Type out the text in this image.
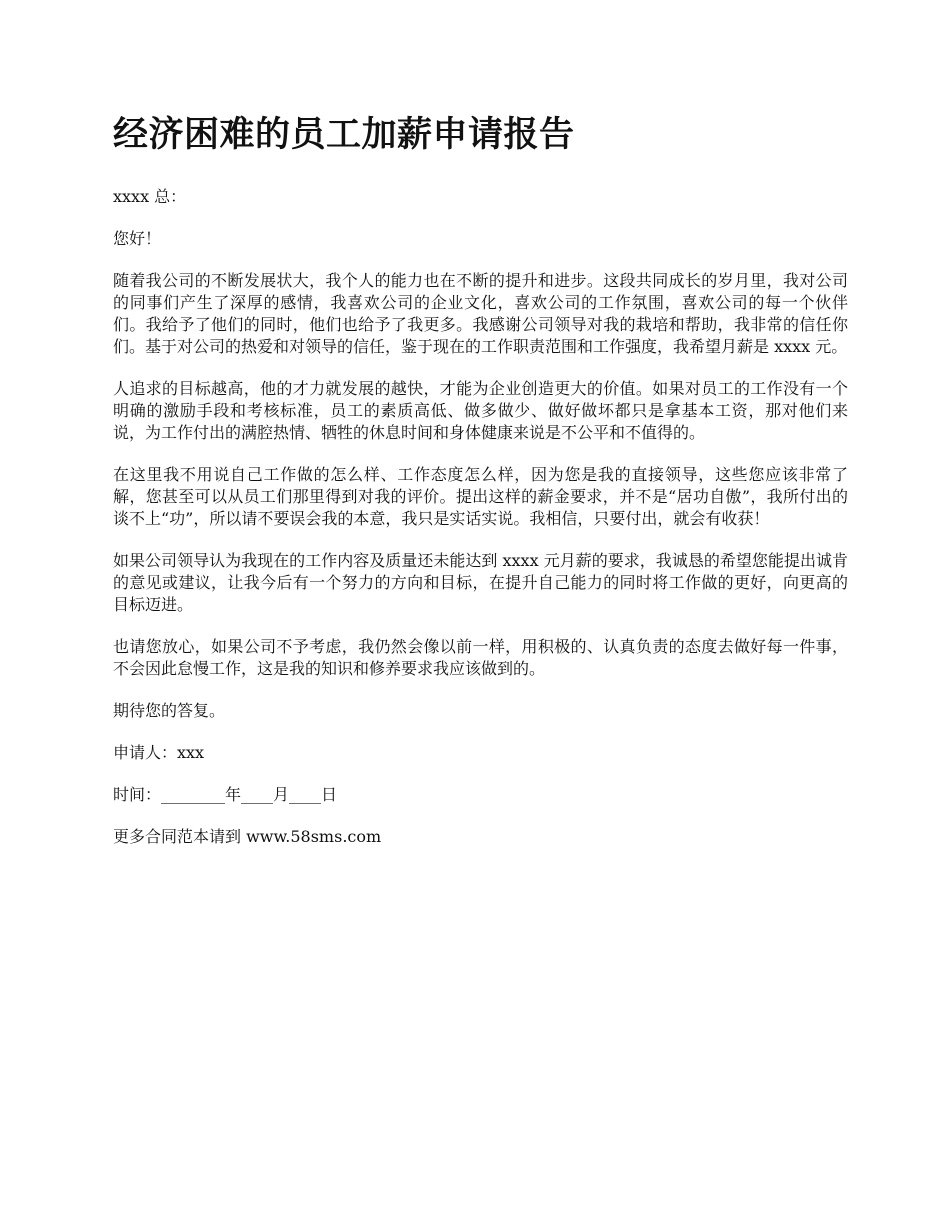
经济困难的员工加薪申请报告

xxxx 总：

您好！

随着我公司的不断发展状大，我个人的能力也在不断的提升和进步。这段共同成长的岁月里，我对公司的同事们产生了深厚的感情，我喜欢公司的企业文化，喜欢公司的工作氛围，喜欢公司的每一个伙伴们。我给予了他们的同时，他们也给予了我更多。我感谢公司领导对我的栽培和帮助，我非常的信任你们。基于对公司的热爱和对领导的信任，鉴于现在的工作职责范围和工作强度，我希望月薪是 xxxx 元。

人追求的目标越高，他的才力就发展的越快，才能为企业创造更大的价值。如果对员工的工作没有一个明确的激励手段和考核标准，员工的素质高低、做多做少、做好做坏都只是拿基本工资，那对他们来说，为工作付出的满腔热情、牺牲的休息时间和身体健康来说是不公平和不值得的。

在这里我不用说自己工作做的怎么样、工作态度怎么样，因为您是我的直接领导，这些您应该非常了解，您甚至可以从员工们那里得到对我的评价。提出这样的薪金要求，并不是“居功自傲”，我所付出的谈不上“功”，所以请不要误会我的本意，我只是实话实说。我相信，只要付出，就会有收获！

如果公司领导认为我现在的工作内容及质量还未能达到 xxxx 元月薪的要求，我诚恳的希望您能提出诚肯的意见或建议，让我今后有一个努力的方向和目标，在提升自己能力的同时将工作做的更好，向更高的目标迈进。

也请您放心，如果公司不予考虑，我仍然会像以前一样，用积极的、认真负责的态度去做好每一件事，不会因此怠慢工作，这是我的知识和修养要求我应该做到的。

期待您的答复。

申请人：xxx

时间：________年____月____日

更多合同范本请到 www.58sms.com
